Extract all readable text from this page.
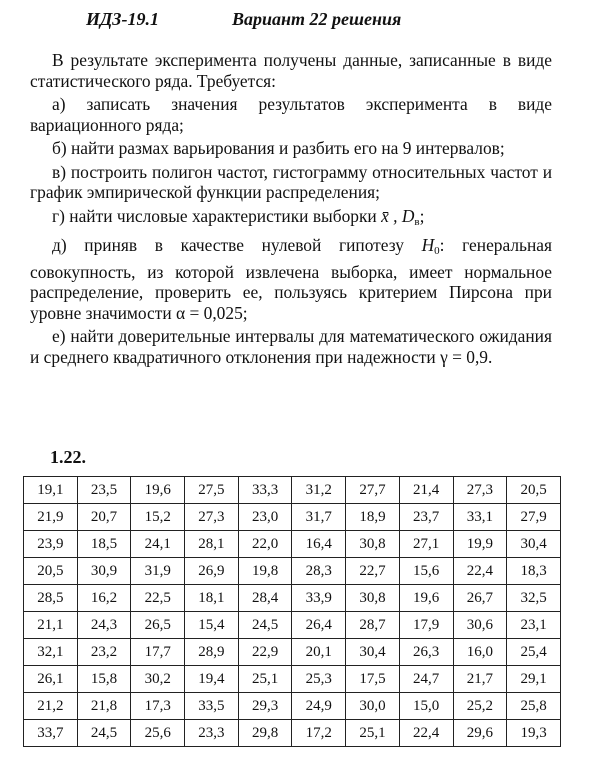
ИДЗ-19.1	Вариант 22 решения

В результате эксперимента получены данные, записанные в виде статистического ряда. Требуется:

а) записать значения результатов эксперимента в виде вариационного ряда;

б) найти размах варьирования и разбить его на 9 интервалов;

в) построить полигон частот, гистограмму относительных частот и график эмпирической функции распределения;

г) найти числовые характеристики выборки x̄ , $D_в$;

д) приняв в качестве нулевой гипотезу $H_0$: генеральная совокупность, из которой извлечена выборка, имеет нормальное распределение, проверить ее, пользуясь критерием Пирсона при уровне значимости α = 0,025;

е) найти доверительные интервалы для математического ожидания и среднего квадратичного отклонения при надежности γ = 0,9.

1.22.
19,1	23,5	19,6	27,5	33,3	31,2	27,7	21,4	27,3	20,5
21,9	20,7	15,2	27,3	23,0	31,7	18,9	23,7	33,1	27,9
23,9	18,5	24,1	28,1	22,0	16,4	30,8	27,1	19,9	30,4
20,5	30,9	31,9	26,9	19,8	28,3	22,7	15,6	22,4	18,3
28,5	16,2	22,5	18,1	28,4	33,9	30,8	19,6	26,7	32,5
21,1	24,3	26,5	15,4	24,5	26,4	28,7	17,9	30,6	23,1
32,1	23,2	17,7	28,9	22,9	20,1	30,4	26,3	16,0	25,4
26,1	15,8	30,2	19,4	25,1	25,3	17,5	24,7	21,7	29,1
21,2	21,8	17,3	33,5	29,3	24,9	30,0	15,0	25,2	25,8
33,7	24,5	25,6	23,3	29,8	17,2	25,1	22,4	29,6	19,3
